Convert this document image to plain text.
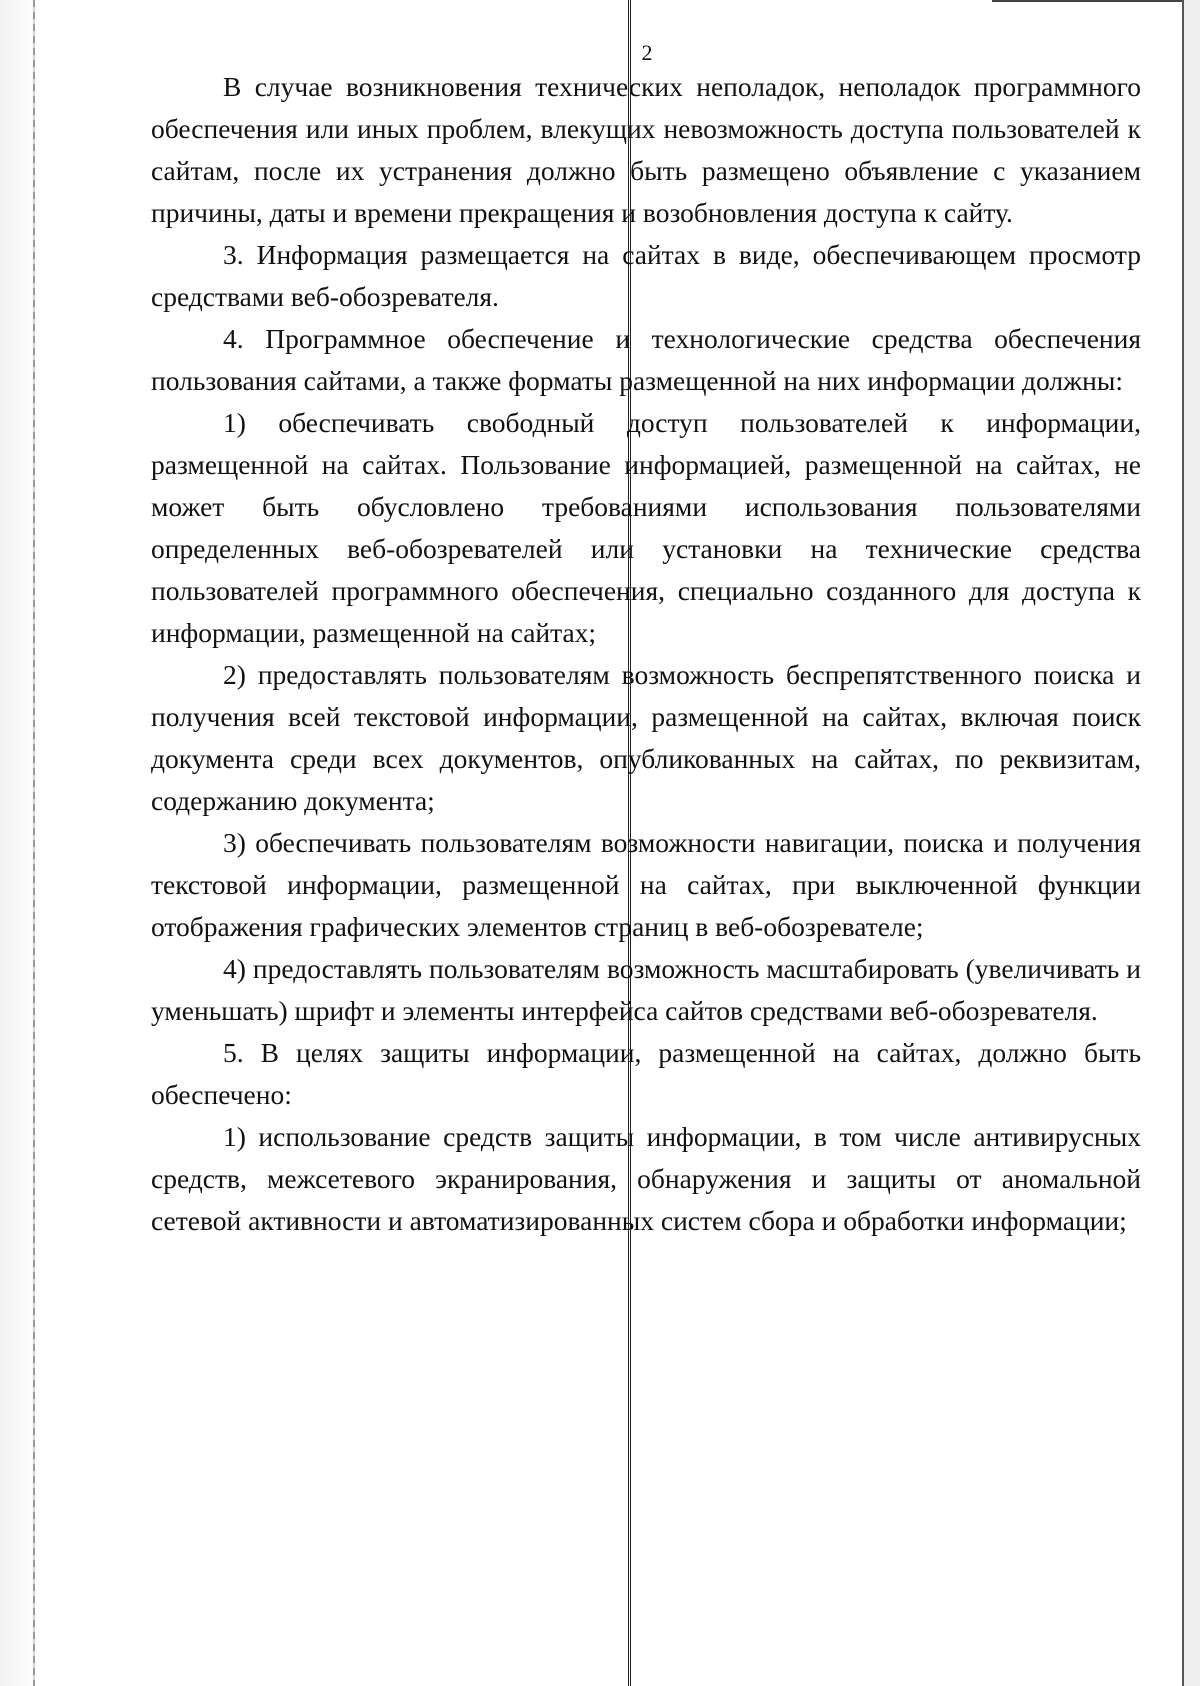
2

В случае возникновения технических неполадок, неполадок программного обеспечения или иных проблем, влекущих невозможность доступа пользователей к сайтам, после их устранения должно быть размещено объявление с указанием причины, даты и времени прекращения и возобновления доступа к сайту.

3. Информация размещается на сайтах в виде, обеспечивающем просмотр средствами веб-обозревателя.

4. Программное обеспечение и технологические средства обеспечения пользования сайтами, а также форматы размещенной на них информации должны:

1) обеспечивать свободный доступ пользователей к информации, размещенной на сайтах. Пользование информацией, размещенной на сайтах, не может быть обусловлено требованиями использования пользователями определенных веб-обозревателей или установки на технические средства пользователей программного обеспечения, специально созданного для доступа к информации, размещенной на сайтах;

2) предоставлять пользователям возможность беспрепятственного поиска и получения всей текстовой информации, размещенной на сайтах, включая поиск документа среди всех документов, опубликованных на сайтах, по реквизитам, содержанию документа;

3) обеспечивать пользователям возможности навигации, поиска и получения текстовой информации, размещенной на сайтах, при выключенной функции отображения графических элементов страниц в веб-обозревателе;

4) предоставлять пользователям возможность масштабировать (увеличивать и уменьшать) шрифт и элементы интерфейса сайтов средствами веб-обозревателя.

5. В целях защиты информации, размещенной на сайтах, должно быть обеспечено:

1) использование средств защиты информации, в том числе антивирусных средств, межсетевого экранирования, обнаружения и защиты от аномальной сетевой активности и автоматизированных систем сбора и обработки информации;
